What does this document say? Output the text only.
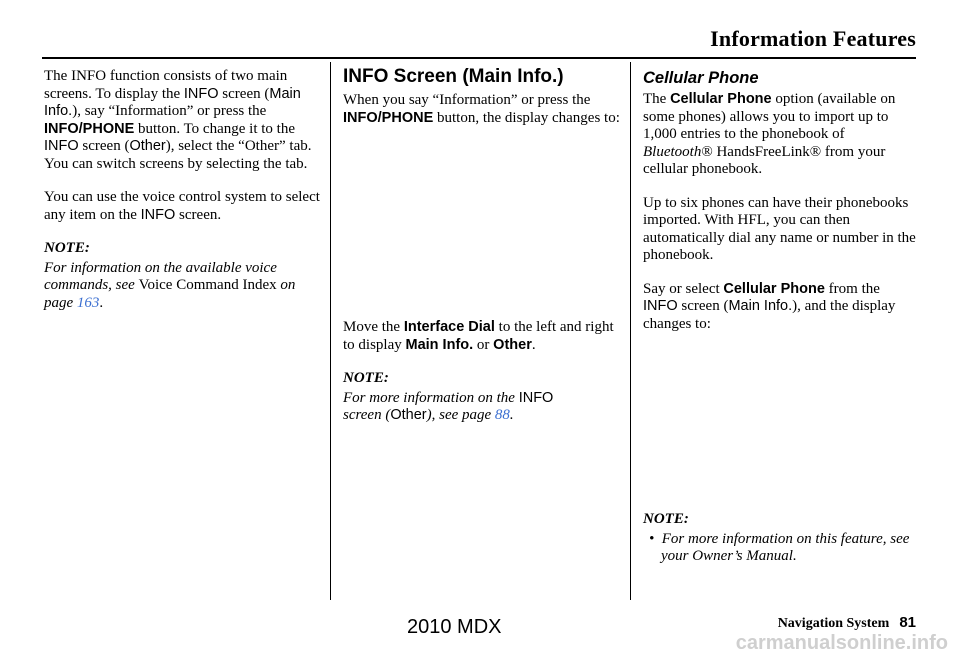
Information Features

The INFO function consists of two main screens. To display the INFO screen (Main Info.), say “Information” or press the INFO/PHONE button. To change it to the INFO screen (Other), select the “Other” tab. You can switch screens by selecting the tab.

You can use the voice control system to select any item on the INFO screen.

NOTE:
For information on the available voice commands, see Voice Command Index on page 163.
INFO Screen (Main Info.)

When you say “Information” or press the INFO/PHONE button, the display changes to:

Move the Interface Dial to the left and right to display Main Info. or Other.

NOTE:
For more information on the INFO
screen (Other), see page 88.
Cellular Phone

The Cellular Phone option (available on some phones) allows you to import up to 1,000 entries to the phonebook of Bluetooth® HandsFreeLink® from your cellular phonebook.

Up to six phones can have their phonebooks imported. With HFL, you can then automatically dial any name or number in the phonebook.

Say or select Cellular Phone from the INFO screen (Main Info.), and the display changes to:

NOTE:
• For more information on this feature, see your Owner’s Manual.
Navigation System 81
2010 MDX
carmanualsonline.info
